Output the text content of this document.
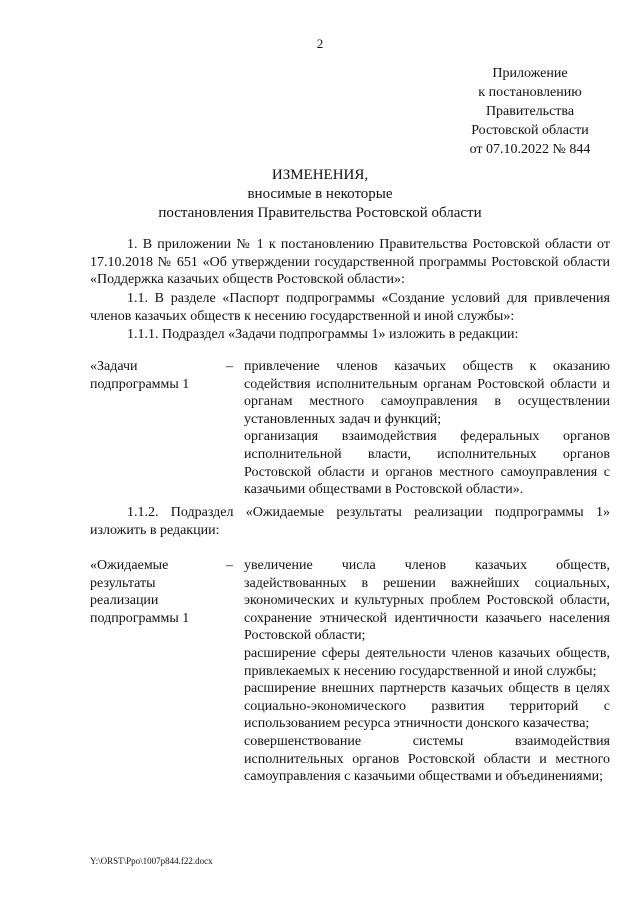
2
Приложение
к постановлению
Правительства
Ростовской области
от 07.10.2022 № 844
ИЗМЕНЕНИЯ,
вносимые в некоторые
постановления Правительства Ростовской области
1. В приложении № 1 к постановлению Правительства Ростовской области от 17.10.2018 № 651 «Об утверждении государственной программы Ростовской области «Поддержка казачьих обществ Ростовской области»:
1.1. В разделе «Паспорт подпрограммы «Создание условий для привлечения членов казачьих обществ к несению государственной и иной службы»:
1.1.1. Подраздел «Задачи подпрограммы 1» изложить в редакции:
«Задачи подпрограммы 1
– привлечение членов казачьих обществ к оказанию содействия исполнительным органам Ростовской области и органам местного самоуправления в осуществлении установленных задач и функций;

организация взаимодействия федеральных органов исполнительной власти, исполнительных органов Ростовской области и органов местного самоуправления с казачьими обществами в Ростовской области».

1.1.2. Подраздел «Ожидаемые результаты реализации подпрограммы 1» изложить в редакции:
«Ожидаемые
результаты
реализации
подпрограммы 1
– увеличение числа членов казачьих обществ, задействованных в решении важнейших социальных, экономических и культурных проблем Ростовской области, сохранение этнической идентичности казачьего населения Ростовской области;

расширение сферы деятельности членов казачьих обществ, привлекаемых к несению государственной и иной службы;

расширение внешних партнерств казачьих обществ в целях социально-экономического развития территорий с использованием ресурса этничности донского казачества;

совершенствование системы взаимодействия исполнительных органов Ростовской области и местного самоуправления с казачьими обществами и объединениями;

Y:\ORST\Ppo\1007p844.f22.docx
